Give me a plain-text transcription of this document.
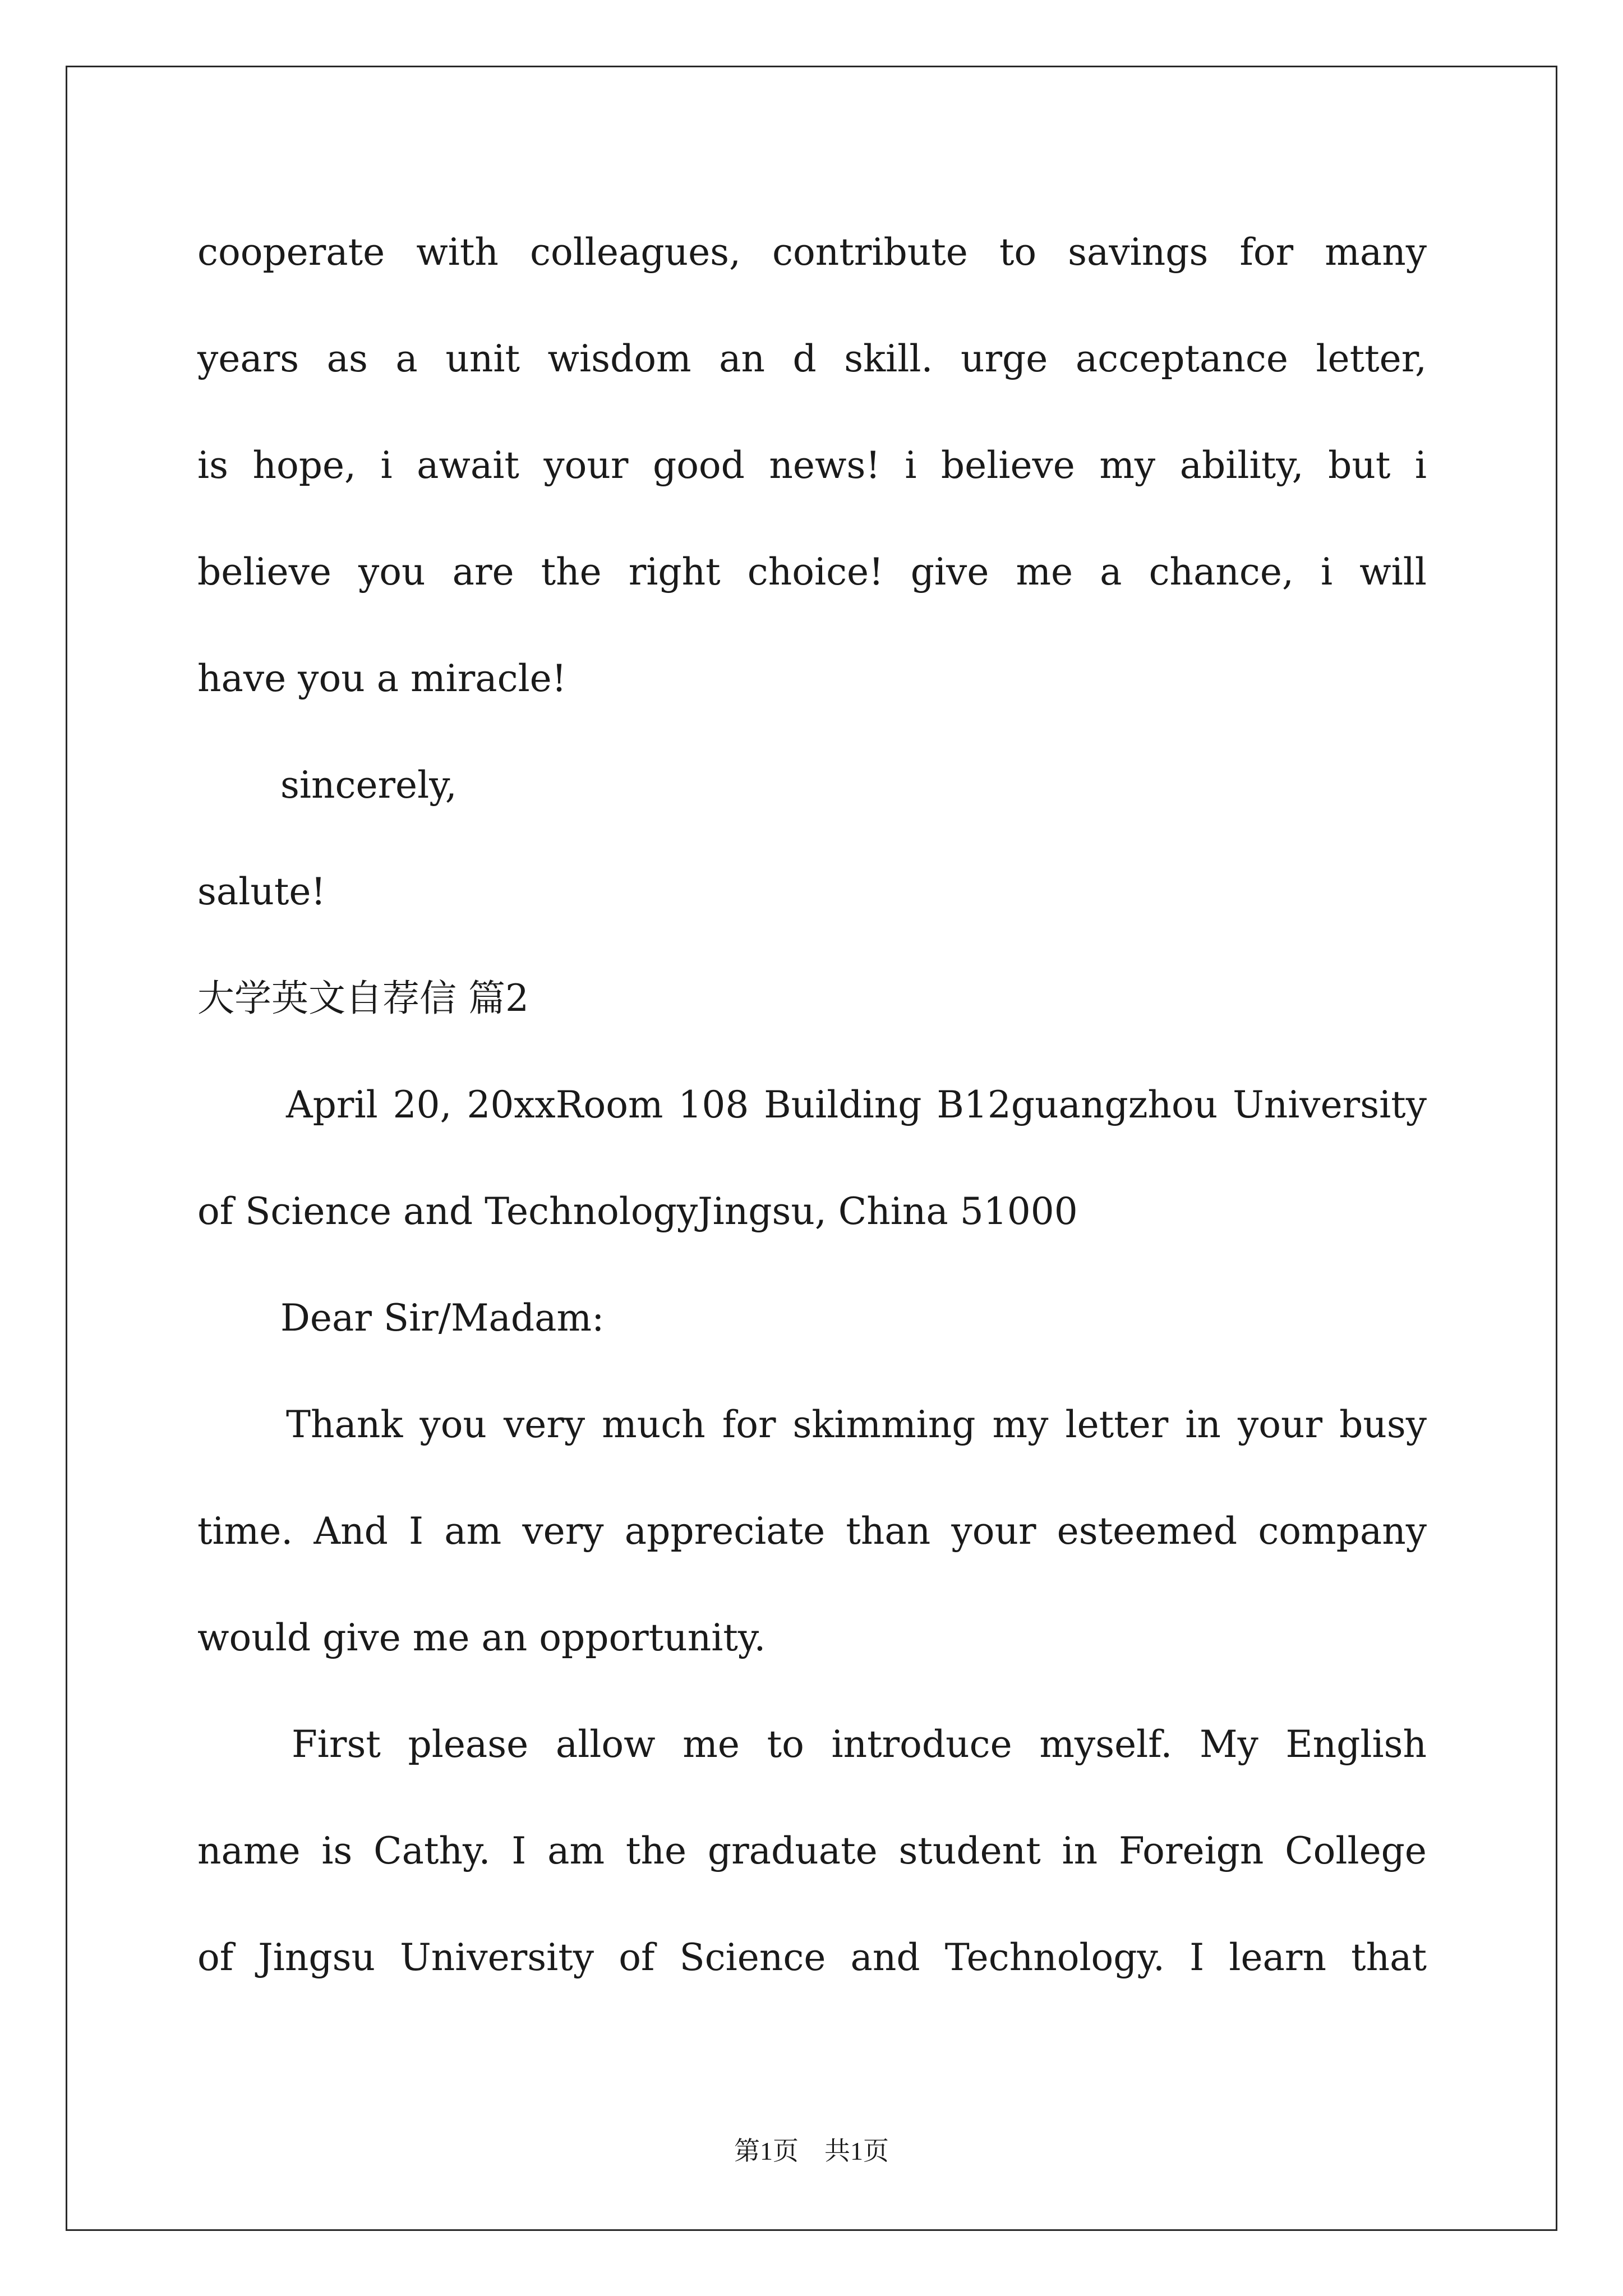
cooperate with colleagues, contribute to savings for many
years as a unit wisdom an d skill. urge acceptance letter,
is hope, i await your good news! i believe my ability, but i
believe you are the right choice! give me a chance, i will
have you a miracle!
sincerely,
salute!
大学英文自荐信 篇2
April 20, 20xxRoom 108 Building B12guangzhou University
of Science and TechnologyJingsu, China 51000
Dear Sir/Madam:
Thank you very much for skimming my letter in your busy
time. And I am very appreciate than your esteemed company
would give me an opportunity.
First please allow me to introduce myself. My English
name is Cathy. I am the graduate student in Foreign College
of Jingsu University of Science and Technology. I learn that
第1页　共1页
